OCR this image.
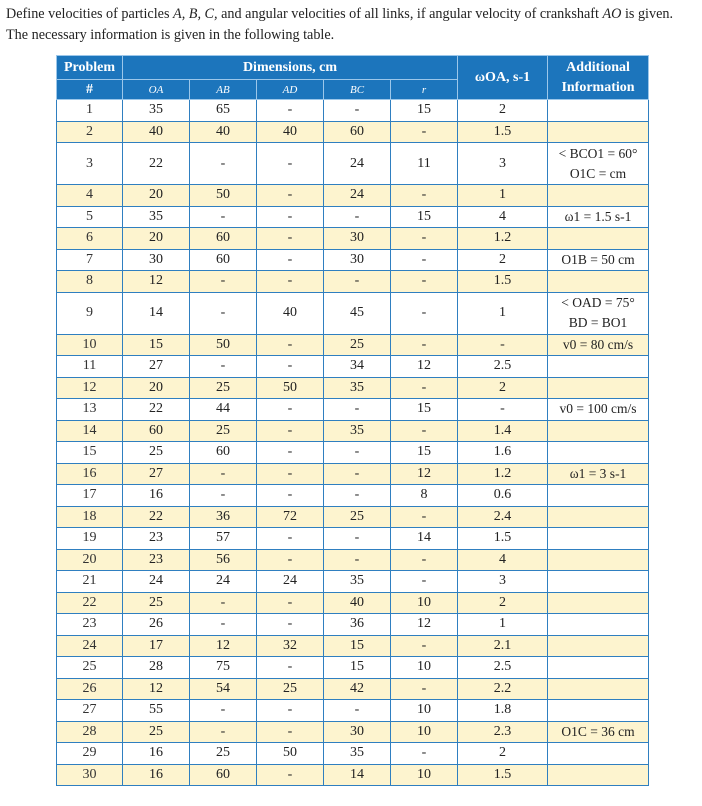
Define velocities of particles A, B, C, and angular velocities of all links, if angular velocity of crankshaft AO is given.
The necessary information is given in the following table.
Problem	Dimensions, cm					ωOA, s-1	Additional
Information
#	OA	AB	AD	BC	r		
1	35	65	-	-	15	2	
2	40	40	40	60	-	1.5	
3	22	-	-	24	11	3	< BCO1 = 60°
O1C = cm

4	20	50	-	24	-	1	
5	35	-	-	-	15	4	ω1 = 1.5 s-1

6	20	60	-	30	-	1.2	
7	30	60	-	30	-	2	O1B = 50 cm

8	12	-	-	-	-	1.5	
9	14	-	40	45	-	1	< OAD = 75°
BD = BO1

10	15	50	-	25	-	-	v0 = 80 cm/s

11	27	-	-	34	12	2.5	
12	20	25	50	35	-	2	
13	22	44	-	-	15	-	v0 = 100 cm/s

14	60	25	-	35	-	1.4	
15	25	60	-	-	15	1.6	
16	27	-	-	-	12	1.2	ω1 = 3 s-1

17	16	-	-	-	8	0.6	
18	22	36	72	25	-	2.4	
19	23	57	-	-	14	1.5	
20	23	56	-	-	-	4	
21	24	24	24	35	-	3	
22	25	-	-	40	10	2	
23	26	-	-	36	12	1	
24	17	12	32	15	-	2.1	
25	28	75	-	15	10	2.5	
26	12	54	25	42	-	2.2	
27	55	-	-	-	10	1.8	
28	25	-	-	30	10	2.3	O1C = 36 cm

29	16	25	50	35	-	2	
30	16	60	-	14	10	1.5	
